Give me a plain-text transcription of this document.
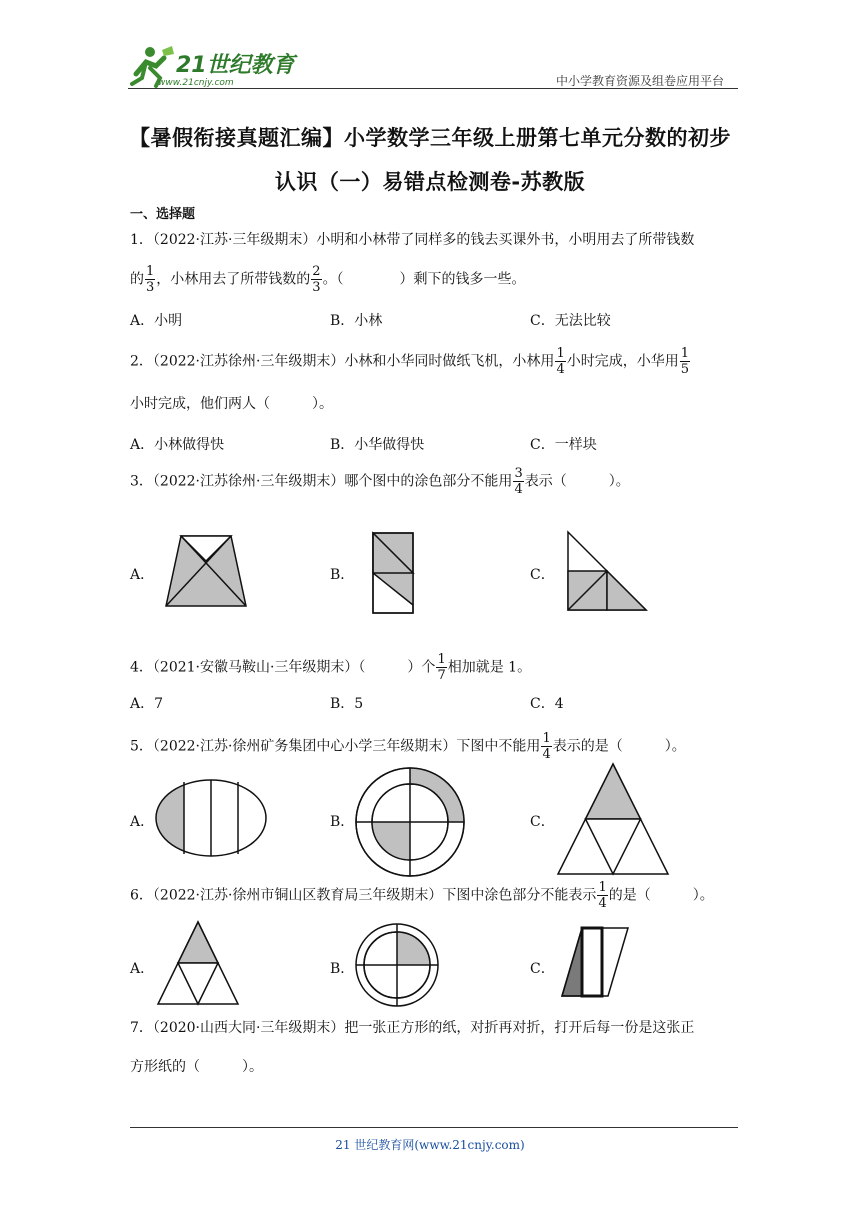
21世纪教育
www.21cnjy.com	中小学教育资源及组卷应用平台
【暑假衔接真题汇编】小学数学三年级上册第七单元分数的初步
认识（一）易错点检测卷-苏教版
一、选择题
1．（2022·江苏·三年级期末）小明和小林带了同样多的钱去买课外书，小明用去了所带钱数
的 $\frac{1}{3}$ ，小林用去了所带钱数的 $\frac{2}{3}$ 。（　　　　）剩下的钱多一些。
A．小明	B．小林	C．无法比较
2．（2022·江苏徐州·三年级期末）小林和小华同时做纸飞机，小林用 $\frac{1}{4}$ 小时完成，小华用 $\frac{1}{5}$
小时完成，他们两人（　　　）。
A．小林做得快	B．小华做得快	C．一样块
3．（2022·江苏徐州·三年级期末）哪个图中的涂色部分不能用 $\frac{3}{4}$ 表示（　　　）。
A．	B．	C．
4．（2021·安徽马鞍山·三年级期末）（　　　）个 $\frac{1}{7}$ 相加就是 1。
A．7	B．5	C．4
5．（2022·江苏·徐州矿务集团中心小学三年级期末）下图中不能用 $\frac{1}{4}$ 表示的是（　　　）。
A．	B．	C．
6．（2022·江苏·徐州市铜山区教育局三年级期末）下图中涂色部分不能表示 $\frac{1}{4}$ 的是（　　　）。
A．	B．	C．
7．（2020·山西大同·三年级期末）把一张正方形的纸，对折再对折，打开后每一份是这张正
方形纸的（　　　）。
21 世纪教育网(www.21cnjy.com)
